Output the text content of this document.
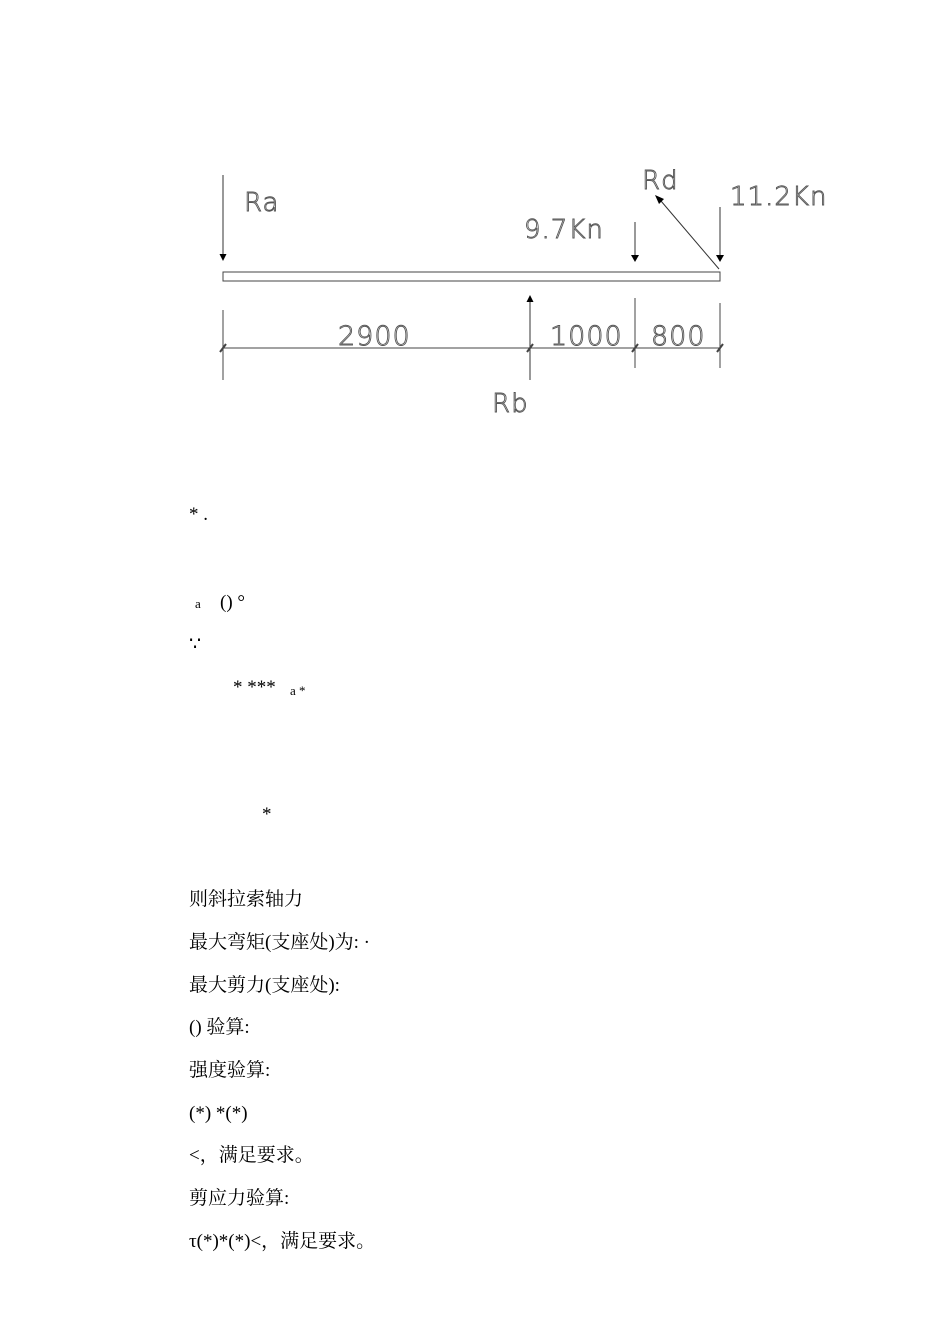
Ra
9.7Kn
Rd
11.2Kn
Rb
2900	1000 800
* .
a () °
∵
* *** a *
*
则斜拉索轴力
最大弯矩(支座处)为: ·
最大剪力(支座处):
() 验算:
强度验算:
(*) *(*)
<，满足要求。
剪应力验算:
τ(*)*(*)<，满足要求。
